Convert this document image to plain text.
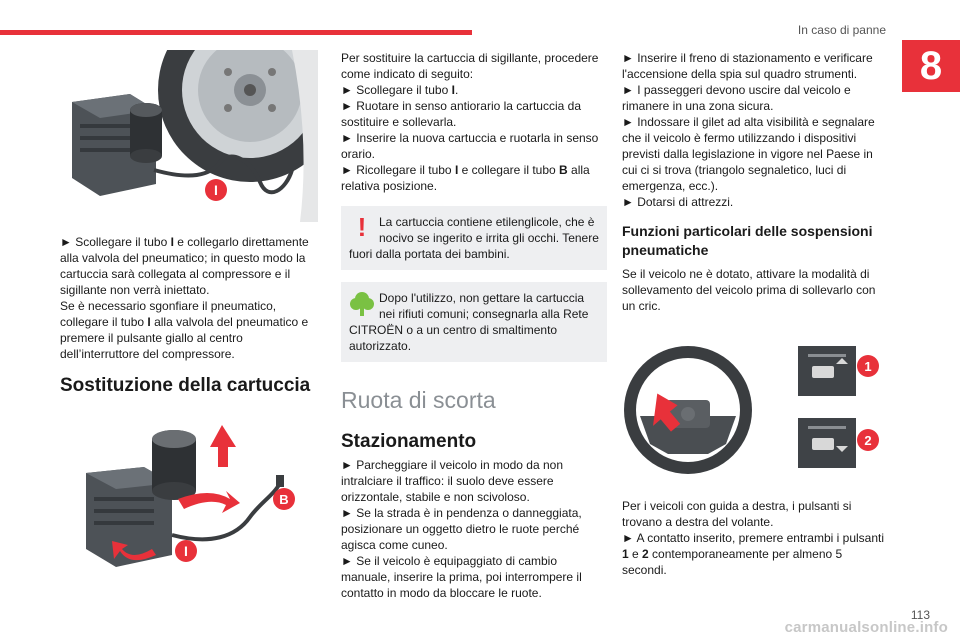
In caso di panne
8
I

► Scollegare il tubo I e collegarlo direttamente alla valvola del pneumatico; in questo modo la cartuccia sarà collegata al compressore e il sigillante non verrà iniettato.

Se è necessario sgonfiare il pneumatico, collegare il tubo I alla valvola del pneumatico e premere il pulsante giallo al centro dell’interruttore del compressore.

Sostituzione della cartuccia
B
I

Per sostituire la cartuccia di sigillante, procedere come indicato di seguito:

► Scollegare il tubo I.

► Ruotare in senso antiorario la cartuccia da sostituire e sollevarla.

► Inserire la nuova cartuccia e ruotarla in senso orario.

► Ricollegare il tubo I e collegare il tubo B alla relativa posizione.

! La cartuccia contiene etilenglicole, che è nocivo se ingerito e irrita gli occhi. Tenere fuori dalla portata dei bambini.
Dopo l'utilizzo, non gettare la cartuccia nei rifiuti comuni; consegnarla alla Rete CITROËN o a un centro di smaltimento autorizzato.
Ruota di scorta
Stazionamento

► Parcheggiare il veicolo in modo da non intralciare il traffico: il suolo deve essere orizzontale, stabile e non scivoloso.

► Se la strada è in pendenza o danneggiata, posizionare un oggetto dietro le ruote perché agisca come cuneo.

► Se il veicolo è equipaggiato di cambio manuale, inserire la prima, poi interrompere il contatto in modo da bloccare le ruote.

► Inserire il freno di stazionamento e verificare l'accensione della spia sul quadro strumenti.

► I passeggeri devono uscire dal veicolo e rimanere in una zona sicura.

► Indossare il gilet ad alta visibilità e segnalare che il veicolo è fermo utilizzando i dispositivi previsti dalla legislazione in vigore nel Paese in cui ci si trova (triangolo segnaletico, luci di emergenza, ecc.).

► Dotarsi di attrezzi.

Funzioni particolari delle sospensioni pneumatiche

Se il veicolo ne è dotato, attivare la modalità di sollevamento del veicolo prima di sollevarlo con un cric.

1
2

Per i veicoli con guida a destra, i pulsanti si trovano a destra del volante.

► A contatto inserito, premere entrambi i pulsanti 1 e 2 contemporaneamente per almeno 5 secondi.

113
carmanualsonline.info
